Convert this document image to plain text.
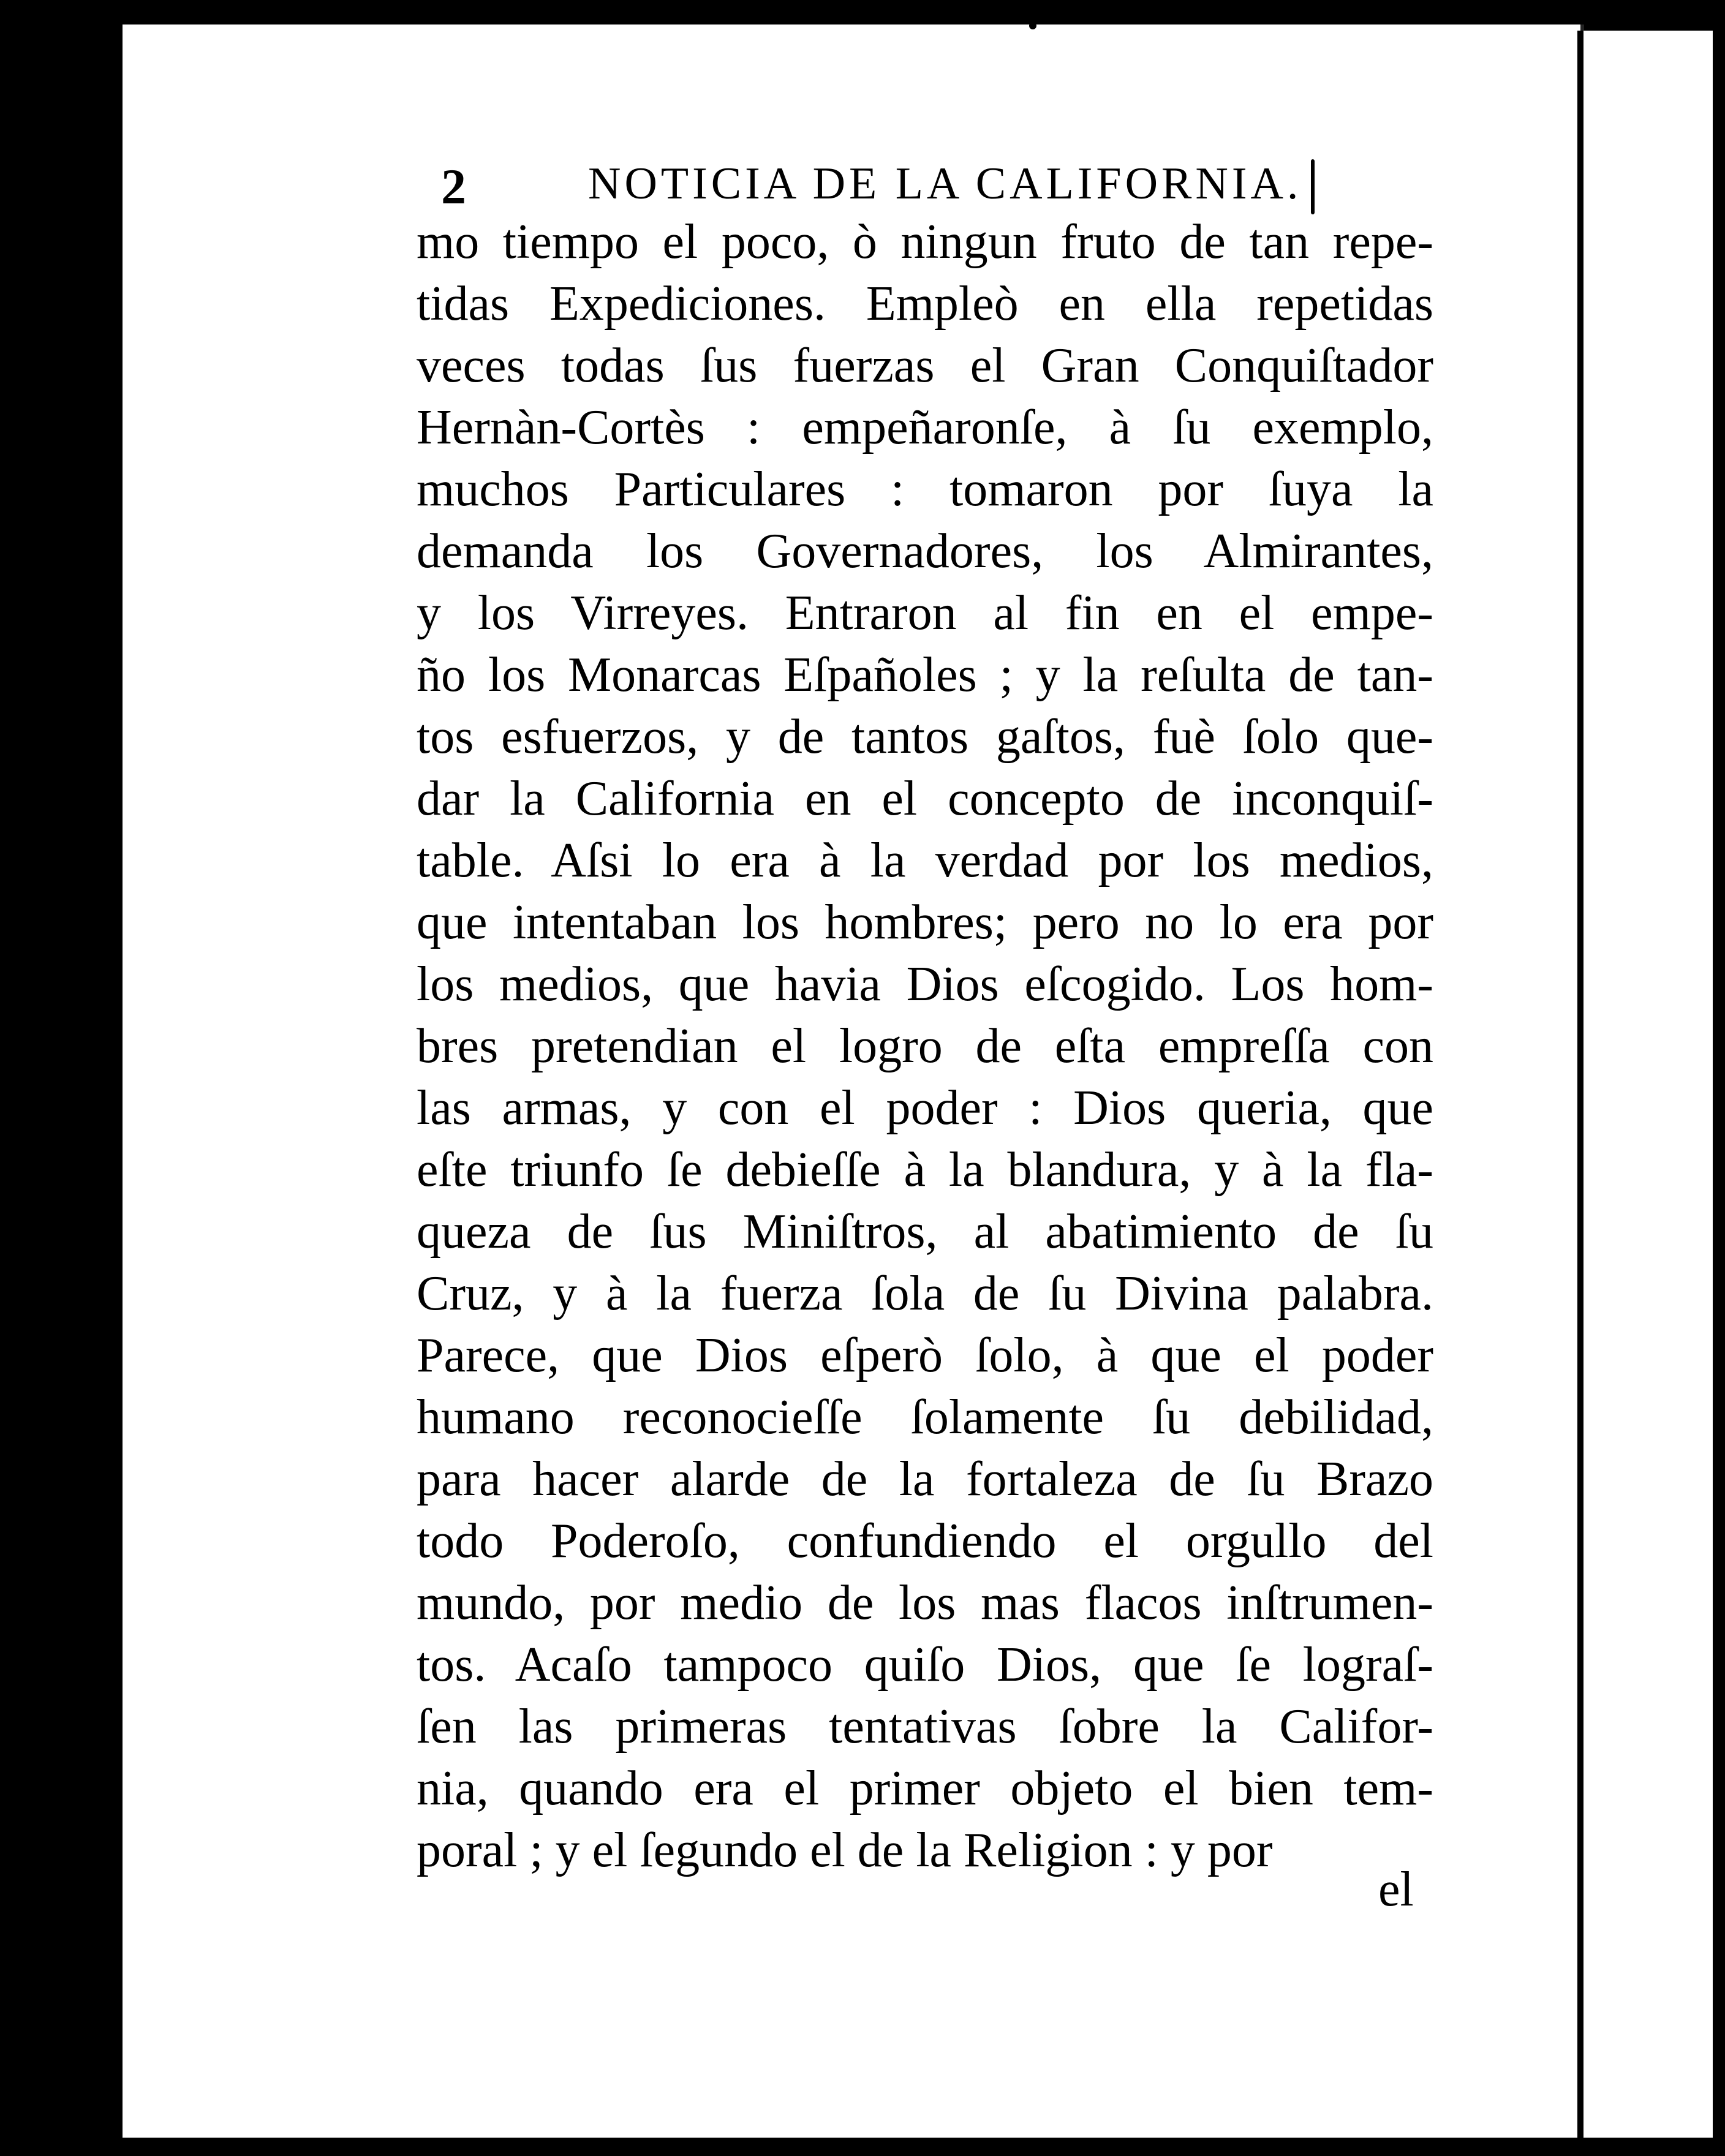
2	NOTICIA DE LA CALIFORNIA.
mo tiempo el poco, ò ningun fruto de tan repe-
tidas Expediciones. Empleò en ella repetidas
veces todas ſus fuerzas el Gran Conquiſtador
Hernàn-Cortès : empeñaronſe, à ſu exemplo,
muchos Particulares : tomaron por ſuya la
demanda los Governadores, los Almirantes,
y los Virreyes. Entraron al fin en el empe-
ño los Monarcas Eſpañoles ; y la reſulta de tan-
tos esfuerzos, y de tantos gaſtos, fuè ſolo que-
dar la California en el concepto de inconquiſ-
table. Aſsi lo era à la verdad por los medios,
que intentaban los hombres; pero no lo era por
los medios, que havia Dios eſcogido. Los hom-
bres pretendian el logro de eſta empreſſa con
las armas, y con el poder : Dios queria, que
eſte triunfo ſe debieſſe à la blandura, y à la fla-
queza de ſus Miniſtros, al abatimiento de ſu
Cruz, y à la fuerza ſola de ſu Divina palabra.
Parece, que Dios eſperò ſolo, à que el poder
humano reconocieſſe ſolamente ſu debilidad,
para hacer alarde de la fortaleza de ſu Brazo
todo Poderoſo, confundiendo el orgullo del
mundo, por medio de los mas flacos inſtrumen-
tos. Acaſo tampoco quiſo Dios, que ſe lograſ-
ſen las primeras tentativas ſobre la Califor-
nia, quando era el primer objeto el bien tem-
poral ; y el ſegundo el de la Religion : y por
el
